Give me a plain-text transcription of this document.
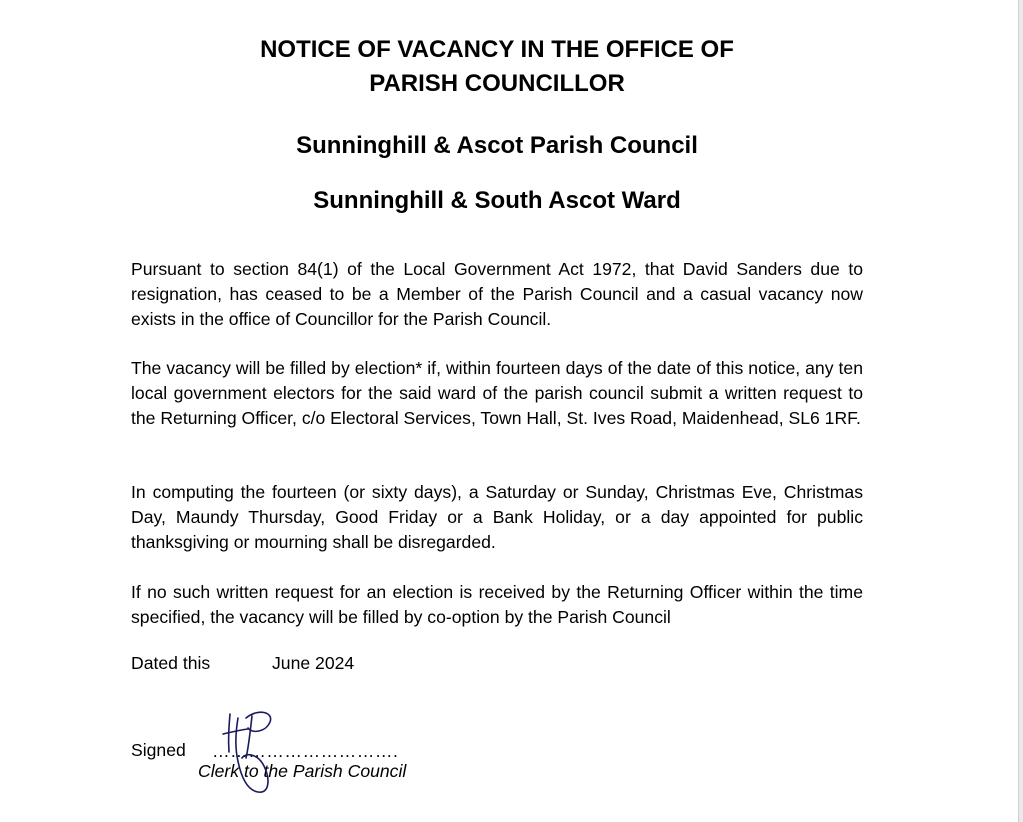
NOTICE OF VACANCY IN THE OFFICE OF
PARISH COUNCILLOR

Sunninghill & Ascot Parish Council

Sunninghill & South Ascot Ward

Pursuant to section 84(1) of the Local Government Act 1972, that David Sanders due to resignation, has ceased to be a Member of the Parish Council and a casual vacancy now exists in the office of Councillor for the Parish Council.

The vacancy will be filled by election* if, within fourteen days of the date of this notice, any ten local government electors for the said ward of the parish council submit a written request to the Returning Officer, c/o Electoral Services, Town Hall, St. Ives Road, Maidenhead, SL6 1RF.

In computing the fourteen (or sixty days), a Saturday or Sunday, Christmas Eve, Christmas Day, Maundy Thursday, Good Friday or a Bank Holiday, or a day appointed for public thanksgiving or mourning shall be disregarded.

If no such written request for an election is received by the Returning Officer within the time specified, the vacancy will be filled by co-option by the Parish Council

Dated this	June 2024
Signed ………………………….
Clerk to the Parish Council
